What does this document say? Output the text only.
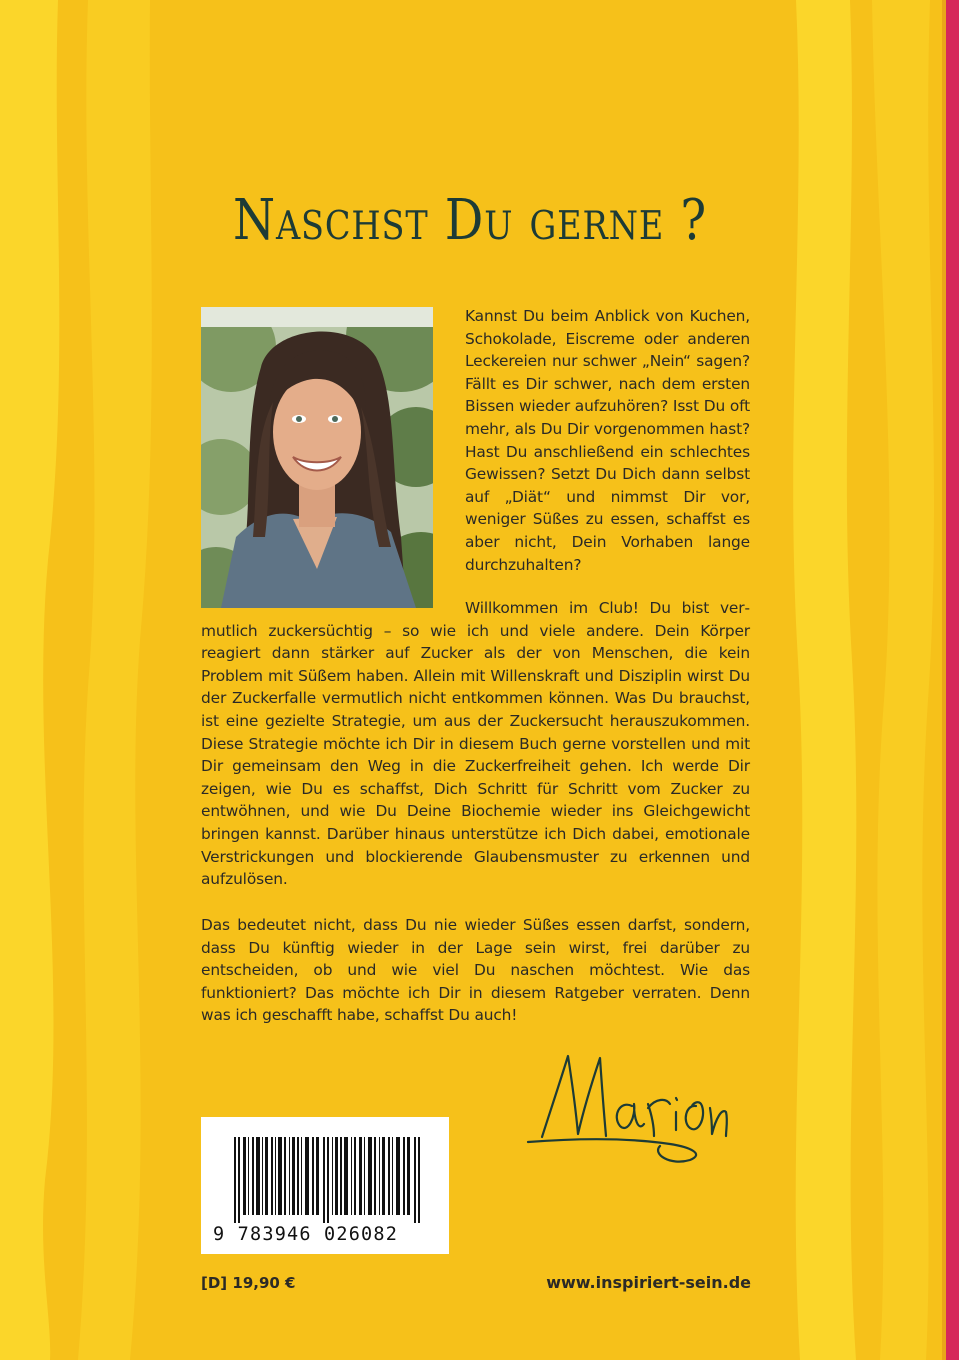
Naschst Du gerne ?
Kannst Du beim Anblick von Kuchen, Schokolade, Eiscreme oder anderen Leckereien nur schwer „Nein“ sagen? Fällt es Dir schwer, nach dem ersten Bissen wieder aufzuhören? Isst Du oft mehr, als Du Dir vorgenommen hast? Hast Du anschließend ein schlechtes Gewissen? Setzt Du Dich dann selbst auf „Diät“ und nimmst Dir vor, weniger Süßes zu essen, schaffst es aber nicht, Dein Vorhaben lange durchzuhalten?
Willkommen im Club! Du bist vermutlich zuckersüchtig – so wie ich und viele andere. Dein Körper reagiert dann stärker auf Zucker als der von Menschen, die kein Problem mit Süßem haben. Allein mit Willenskraft und Disziplin wirst Du der Zuckerfalle vermutlich nicht entkommen können. Was Du brauchst, ist eine gezielte Strategie, um aus der Zuckersucht herauszukommen. Diese Strategie möchte ich Dir in diesem Buch gerne vorstellen und mit Dir gemeinsam den Weg in die Zuckerfreiheit gehen. Ich werde Dir zeigen, wie Du es schaffst, Dich Schritt für Schritt vom Zucker zu entwöhnen, und wie Du Deine Biochemie wieder ins Gleichgewicht bringen kannst. Darüber hinaus unterstütze ich Dich dabei, emotionale Verstrickungen und blockierende Glaubensmuster zu erkennen und aufzulösen.
Das bedeutet nicht, dass Du nie wieder Süßes essen darfst, sondern, dass Du künftig wieder in der Lage sein wirst, frei darüber zu entscheiden, ob und wie viel Du naschen möchtest. Wie das funktioniert? Das möchte ich Dir in diesem Ratgeber verraten. Denn was ich geschafft habe, schaffst Du auch!
9 783946 026082
[D] 19,90 €	www.inspiriert-sein.de
